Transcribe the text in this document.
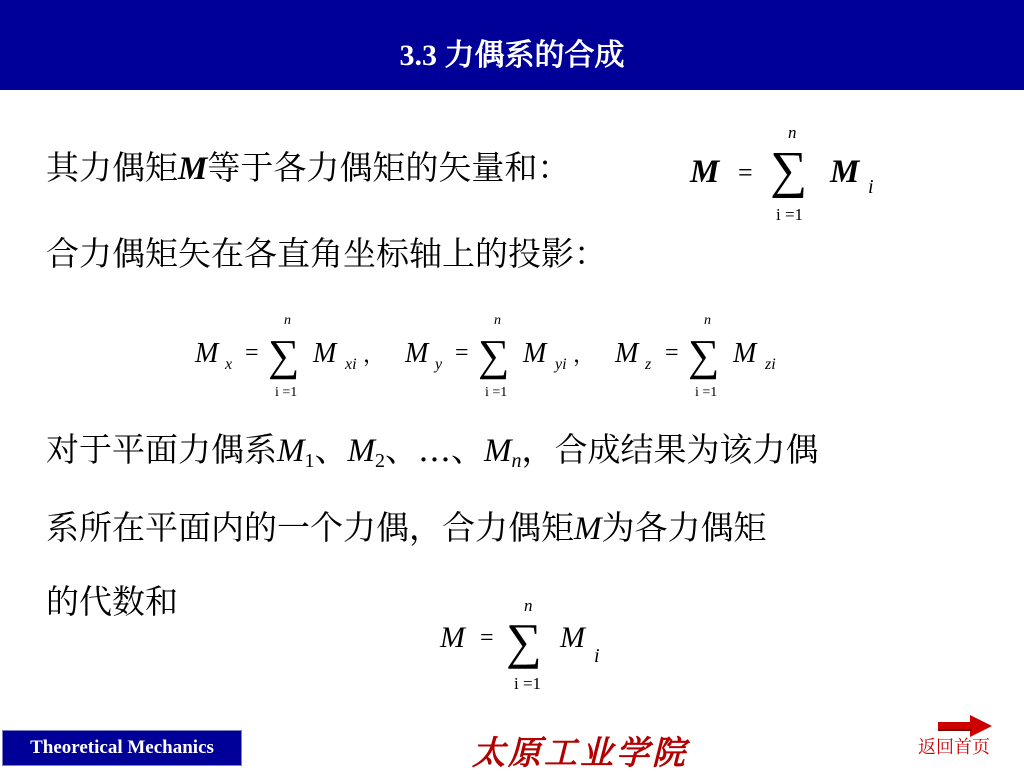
3.3 力偶系的合成
其力偶矩M等于各力偶矩的矢量和：	M =
n
∑
i =1
M i
合力偶矩矢在各直角坐标轴上的投影：
M x =
n
∑
i =1
M xi ， M y =
n
∑
i =1
M yi ， M z =
n
∑
i =1
M zi
对于平面力偶系$M_1$、$M_2$、…、$M_n$，合成结果为该力偶
系所在平面内的一个力偶，合力偶矩M为各力偶矩
的代数和
M =
n
∑
i =1
M
i
Theoretical Mechanics	太原工业学院	返回首页
